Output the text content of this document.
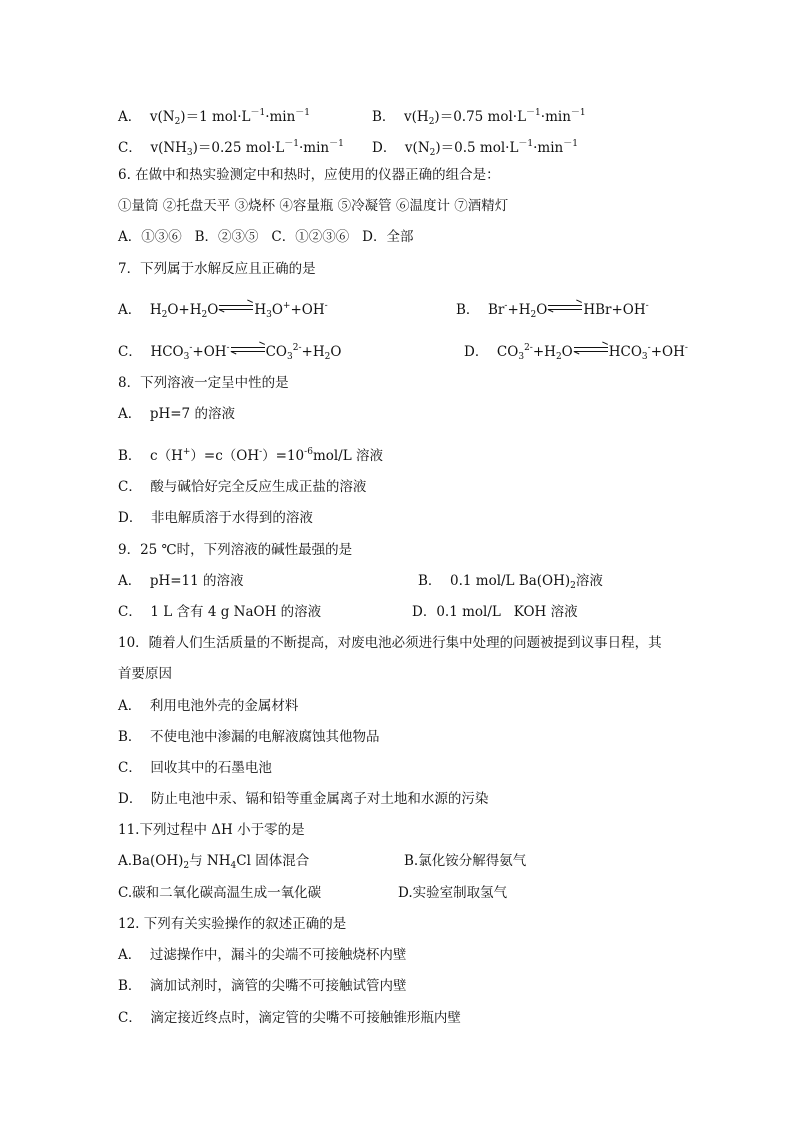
A． $v(N_2)=1$ $mol\cdot L^{-1}\cdot\min^{-1}$	B． $v(H_2)=0.75$ $mol\cdot L^{-1}\cdot\min^{-1}$
C． $v(NH_3)=0.25$ $mol\cdot L^{-1}\cdot\min^{-1}$ D． $v(N_2)=0.5$ $mol\cdot L^{-1}\cdot\min^{-1}$
6. 在做中和热实验测定中和热时，应使用的仪器正确的组合是：
①量筒 ②托盘天平 ③烧杯 ④容量瓶 ⑤冷凝管 ⑥温度计 ⑦酒精灯
A．①③⑥   B．②③⑤   C．①②③⑥   D．全部
7．下列属于水解反应且正确的是
A． $H_2O+H_2O$	$H_3O^++OH^-$	B． $Br^-+H_2O$	HBr+OH-
C． $HCO_3^-+OH^-$	$CO_3^{2-}+H_2O$	D． $CO_3^{2-}+H_2O$	$HCO_3^-+OH^-$
8．下列溶液一定呈中性的是
A．  pH=7 的溶液
B．  $c(H^+)=c(OH^-)=10^{-6}mol/L$ 溶液
C．  酸与碱恰好完全反应生成正盐的溶液
D．  非电解质溶于水得到的溶液
9．25 ℃时，下列溶液的碱性最强的是
A．  pH=11 的溶液	B．  0.1 mol/L $Ba(OH)_2$溶液
C．  1 L 含有 4 g NaOH 的溶液	D．0.1 mol/L   KOH 溶液
10．随着人们生活质量的不断提高，对废电池必须进行集中处理的问题被提到议事日程，其
首要原因
A．  利用电池外壳的金属材料
B．  不使电池中渗漏的电解液腐蚀其他物品
C．  回收其中的石墨电池
D．  防止电池中汞、镉和铅等重金属离子对土地和水源的污染
11.下列过程中 ΔH 小于零的是
$A.Ba(OH)_2$与 $NH_4Cl$ 固体混合	B.氯化铵分解得氨气
C.碳和二氧化碳高温生成一氧化碳	D.实验室制取氢气
12. 下列有关实验操作的叙述正确的是
A．  过滤操作中，漏斗的尖端不可接触烧杯内壁
B．  滴加试剂时，滴管的尖嘴不可接触试管内壁
C．  滴定接近终点时，滴定管的尖嘴不可接触锥形瓶内壁
